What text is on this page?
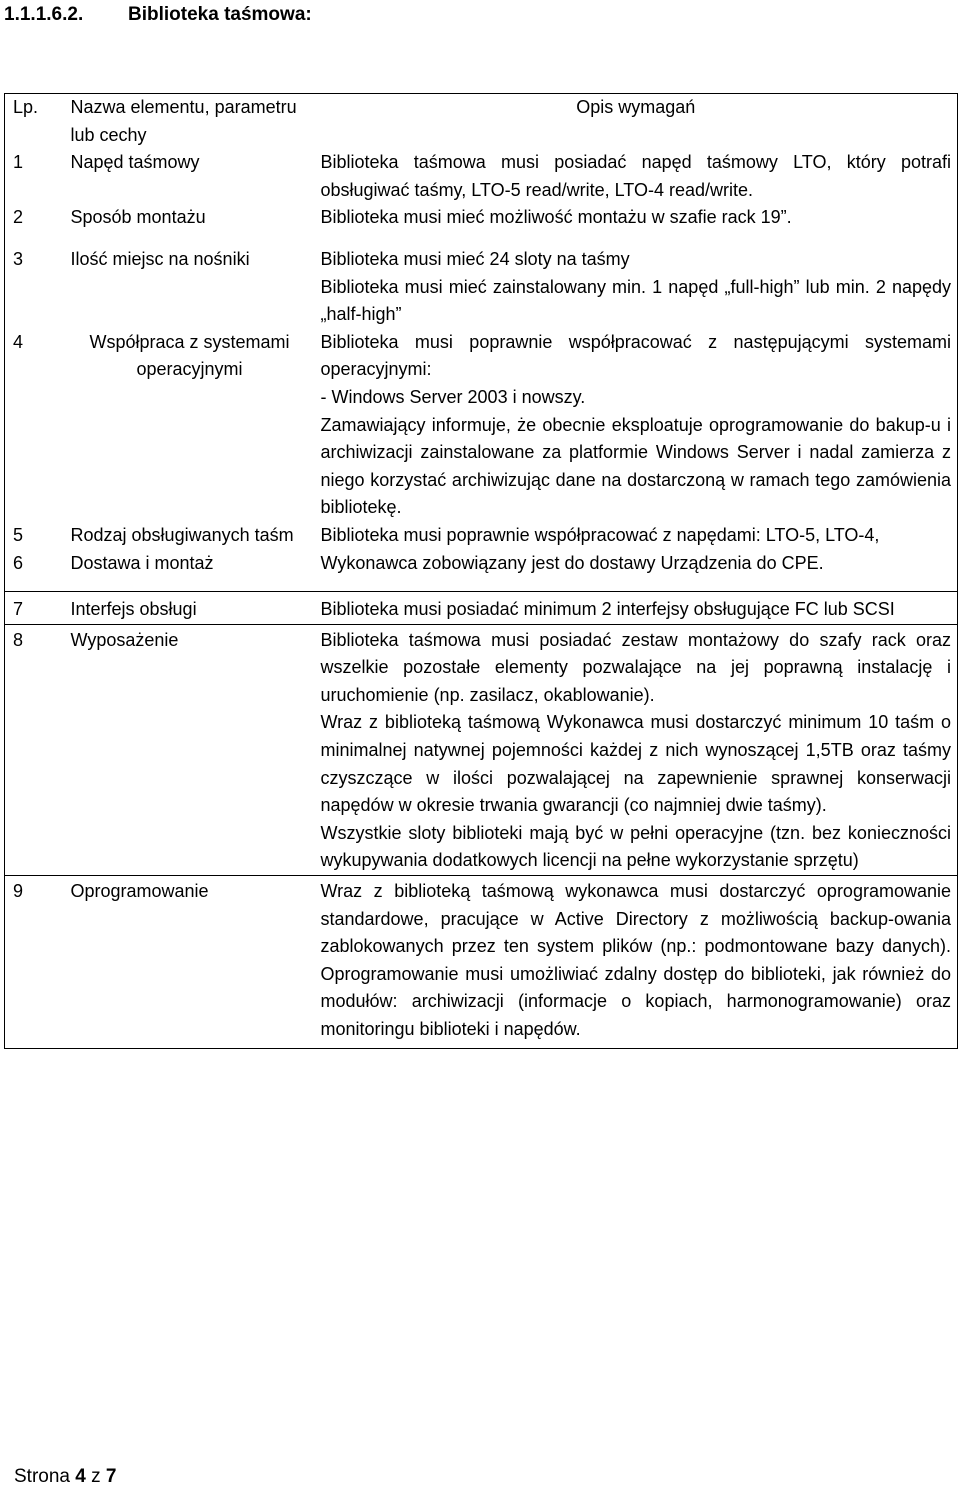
1.1.1.6.2. Biblioteka taśmowa:
Lp.	Nazwa elementu, parametru lub cechy	Opis wymagań
1	Napęd taśmowy	Biblioteka taśmowa musi posiadać napęd taśmowy LTO, który potrafi obsługiwać taśmy, LTO-5 read/write, LTO-4 read/write.

2	Sposób montażu	Biblioteka musi mieć możliwość montażu w szafie rack 19”.

3	Ilość miejsc na nośniki	Biblioteka musi mieć 24 sloty na taśmy

Biblioteka musi mieć zainstalowany min. 1 napęd „full-high” lub min. 2 napędy „half-high”

4	Współpraca z systemami operacyjnymi	Biblioteka musi poprawnie współpracować z następującymi systemami operacyjnymi:

- Windows Server 2003 i nowszy.

Zamawiający informuje, że obecnie eksploatuje oprogramowanie do bakup-u i archiwizacji zainstalowane za platformie Windows Server i nadal zamierza z niego korzystać archiwizując dane na dostarczoną w ramach tego zamówienia bibliotekę.

5	Rodzaj obsługiwanych taśm	Biblioteka musi poprawnie współpracować z napędami: LTO-5, LTO-4,

6	Dostawa i montaż	Wykonawca zobowiązany jest do dostawy Urządzenia do CPE.

7	Interfejs obsługi	Biblioteka musi posiadać minimum 2 interfejsy obsługujące FC lub SCSI

8	Wyposażenie	Biblioteka taśmowa musi posiadać zestaw montażowy do szafy rack oraz wszelkie pozostałe elementy pozwalające na jej poprawną instalację i uruchomienie (np. zasilacz, okablowanie).

Wraz z biblioteką taśmową Wykonawca musi dostarczyć minimum 10 taśm o minimalnej natywnej pojemności każdej z nich wynoszącej 1,5TB oraz taśmy czyszczące w ilości pozwalającej na zapewnienie sprawnej konserwacji napędów w okresie trwania gwarancji (co najmniej dwie taśmy).

Wszystkie sloty biblioteki mają być w pełni operacyjne (tzn. bez konieczności wykupywania dodatkowych licencji na pełne wykorzystanie sprzętu)

9	Oprogramowanie	Wraz z biblioteką taśmową wykonawca musi dostarczyć oprogramowanie standardowe, pracujące w Active Directory z możliwością backup-owania zablokowanych przez ten system plików (np.: podmontowane bazy danych). Oprogramowanie musi umożliwiać zdalny dostęp do biblioteki, jak również do modułów: archiwizacji (informacje o kopiach, harmonogramowanie) oraz monitoringu biblioteki i napędów.

Strona 4 z 7
